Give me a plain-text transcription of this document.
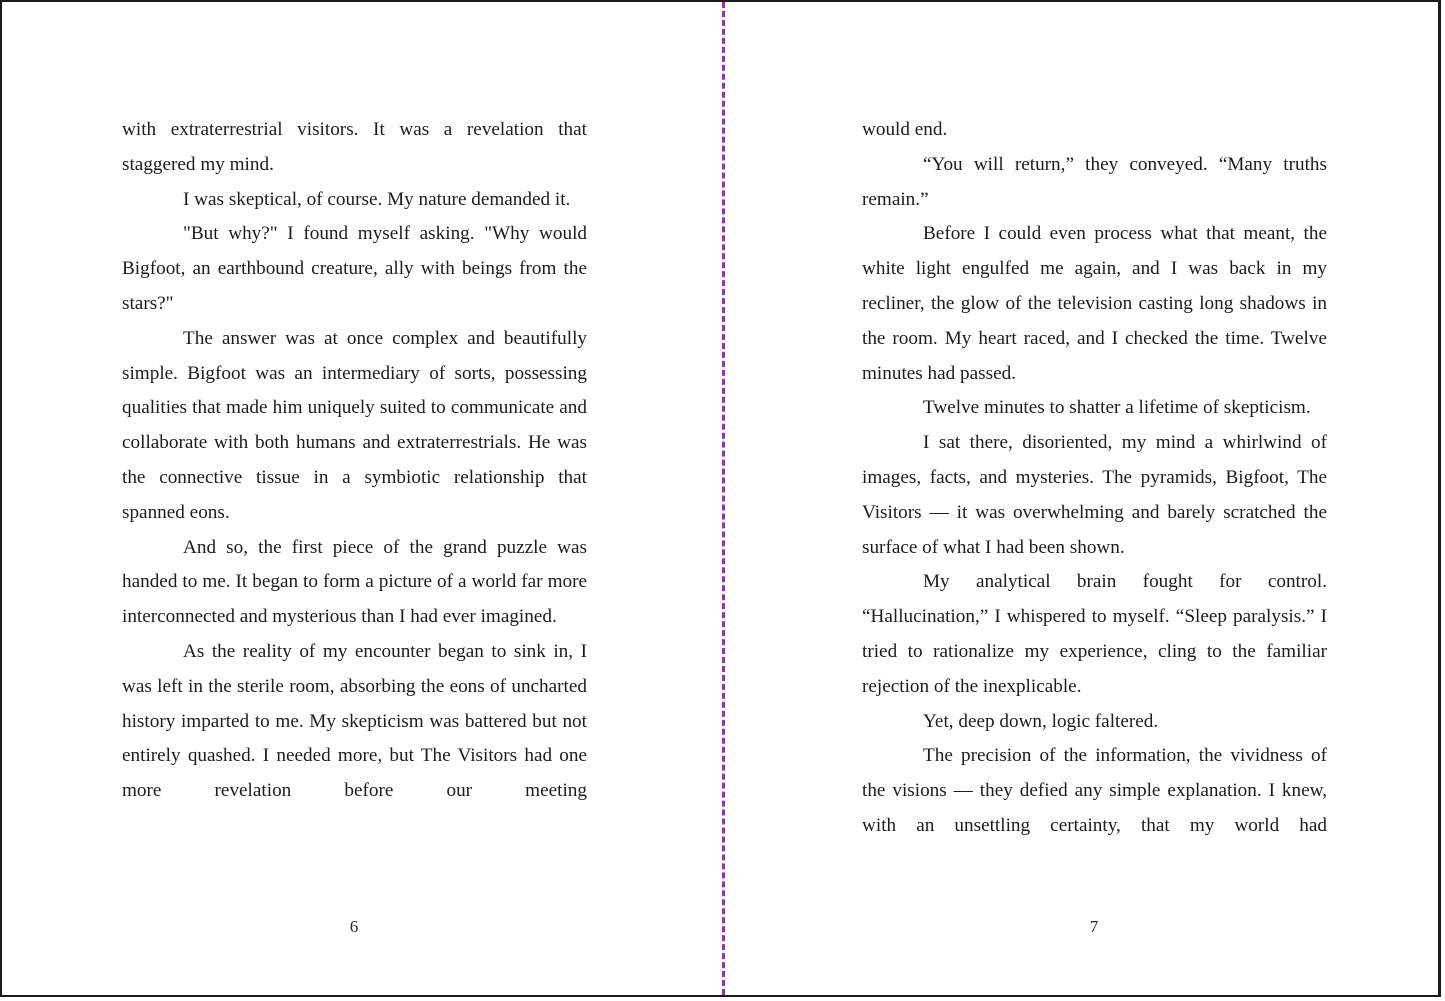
with extraterrestrial visitors. It was a revelation that staggered my mind.

I was skeptical, of course. My nature demanded it.

"But why?" I found myself asking. "Why would Bigfoot, an earthbound creature, ally with beings from the stars?"

The answer was at once complex and beautifully simple. Bigfoot was an intermediary of sorts, possessing qualities that made him uniquely suited to communicate and collaborate with both humans and extraterrestrials. He was the connective tissue in a symbiotic relationship that spanned eons.

And so, the first piece of the grand puzzle was handed to me. It began to form a picture of a world far more interconnected and mysterious than I had ever imagined.

As the reality of my encounter began to sink in, I was left in the sterile room, absorbing the eons of uncharted history imparted to me. My skepticism was battered but not entirely quashed. I needed more, but The Visitors had one more revelation before our meeting

would end.

“You will return,” they conveyed. “Many truths remain.”

Before I could even process what that meant, the white light engulfed me again, and I was back in my recliner, the glow of the television casting long shadows in the room. My heart raced, and I checked the time. Twelve minutes had passed.

Twelve minutes to shatter a lifetime of skepticism.

I sat there, disoriented, my mind a whirlwind of images, facts, and mysteries. The pyramids, Bigfoot, The Visitors — it was overwhelming and barely scratched the surface of what I had been shown.

My analytical brain fought for control. “Hallucination,” I whispered to myself. “Sleep paralysis.” I tried to rationalize my experience, cling to the familiar rejection of the inexplicable.

Yet, deep down, logic faltered.

The precision of the information, the vividness of the visions — they defied any simple explanation. I knew, with an unsettling certainty, that my world had

6	7
